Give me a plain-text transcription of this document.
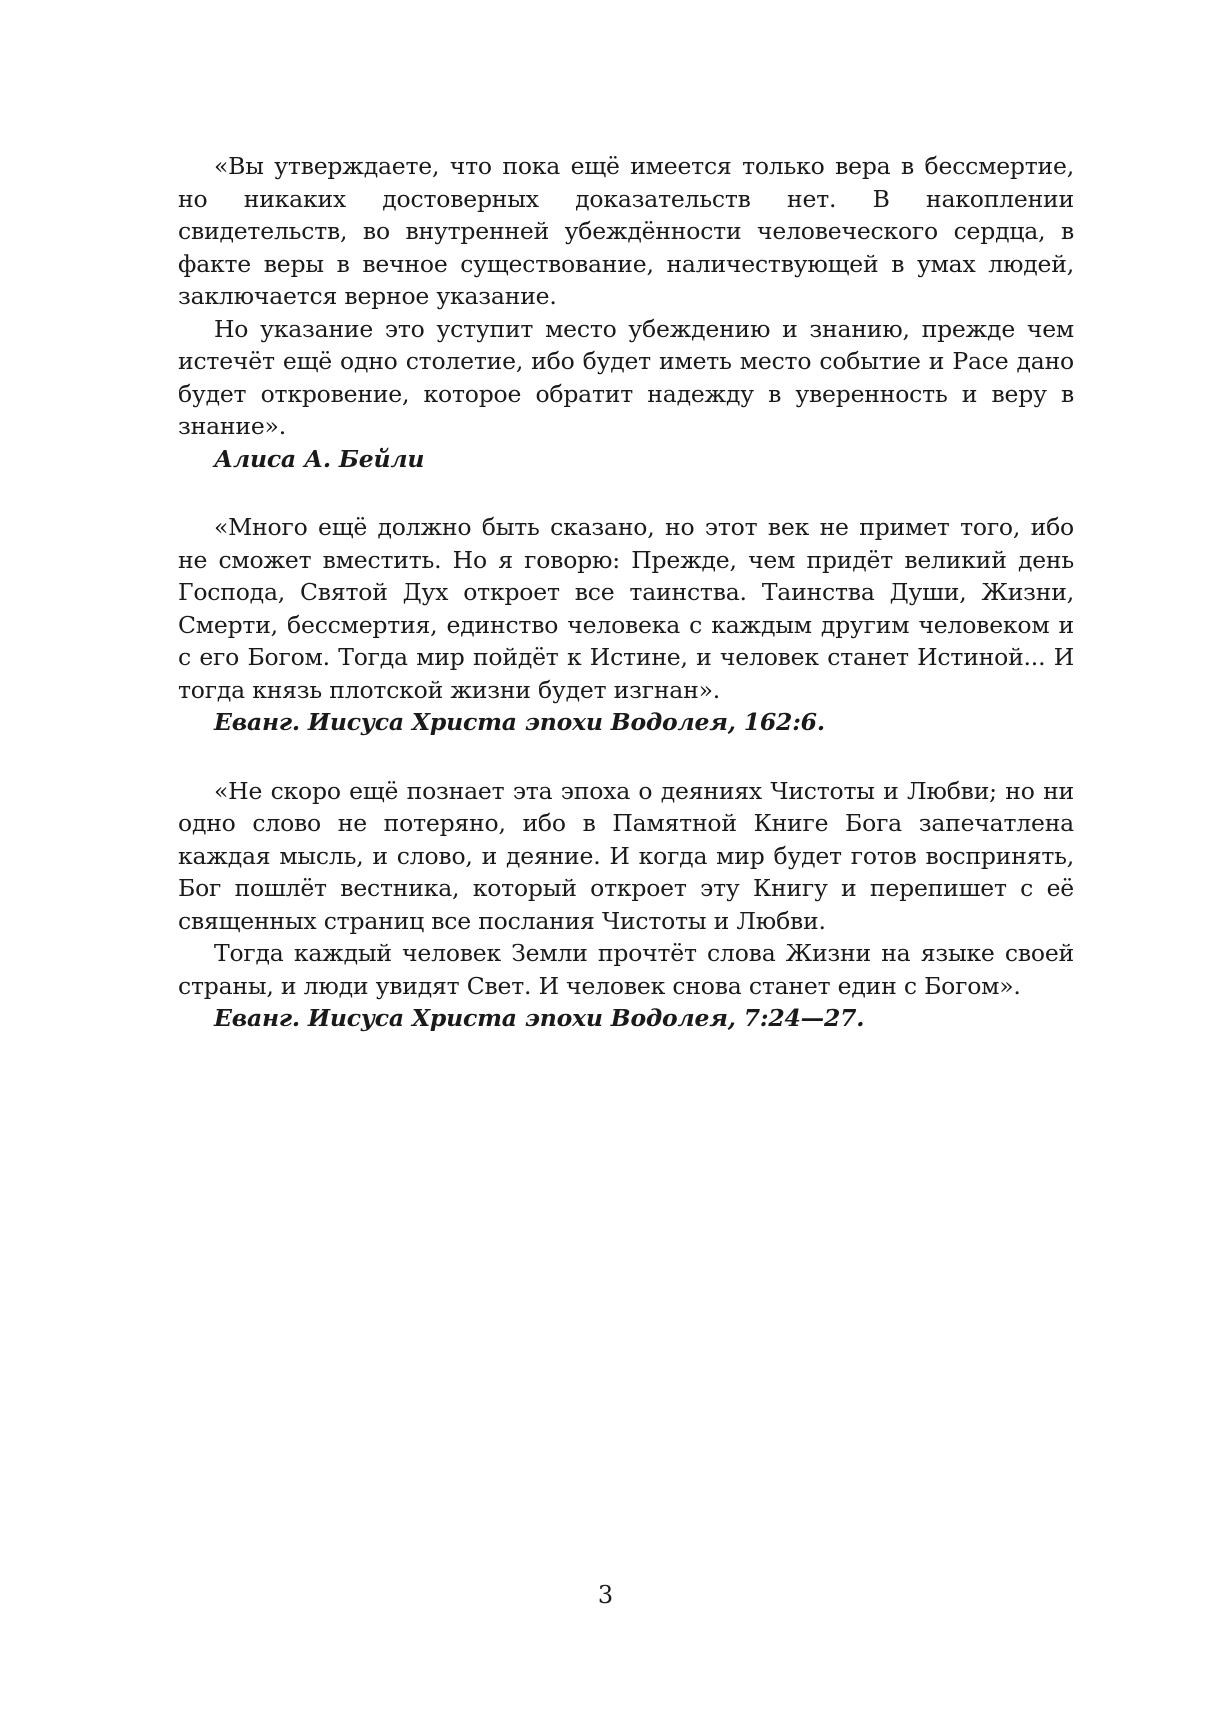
«Вы утверждаете, что пока ещё имеется только вера в бессмертие, но никаких достоверных доказательств нет. В накоплении свидетельств, во внутренней убеждённости человеческого сердца, в факте веры в вечное существование, наличествующей в умах людей, заключается верное указание.

Но указание это уступит место убеждению и знанию, прежде чем истечёт ещё одно столетие, ибо будет иметь место событие и Расе дано будет откровение, которое обратит надежду в уверенность и веру в знание».

Алиса А. Бейли

«Много ещё должно быть сказано, но этот век не примет того, ибо не сможет вместить. Но я говорю: Прежде, чем придёт великий день Господа, Святой Дух откроет все таинства. Таинства Души, Жизни, Смерти, бессмертия, единство человека с каждым другим человеком и с его Богом. Тогда мир пойдёт к Истине, и человек станет Истиной... И тогда князь плотской жизни будет изгнан».

Еванг. Иисуса Христа эпохи Водолея, 162:6.

«Не скоро ещё познает эта эпоха о деяниях Чистоты и Любви; но ни одно слово не потеряно, ибо в Памятной Книге Бога запечатлена каждая мысль, и слово, и деяние. И когда мир будет готов воспринять, Бог пошлёт вестника, который откроет эту Книгу и перепишет с её священных страниц все послания Чистоты и Любви.

Тогда каждый человек Земли прочтёт слова Жизни на языке своей страны, и люди увидят Свет. И человек снова станет един с Богом».

Еванг. Иисуса Христа эпохи Водолея, 7:24—27.

3
